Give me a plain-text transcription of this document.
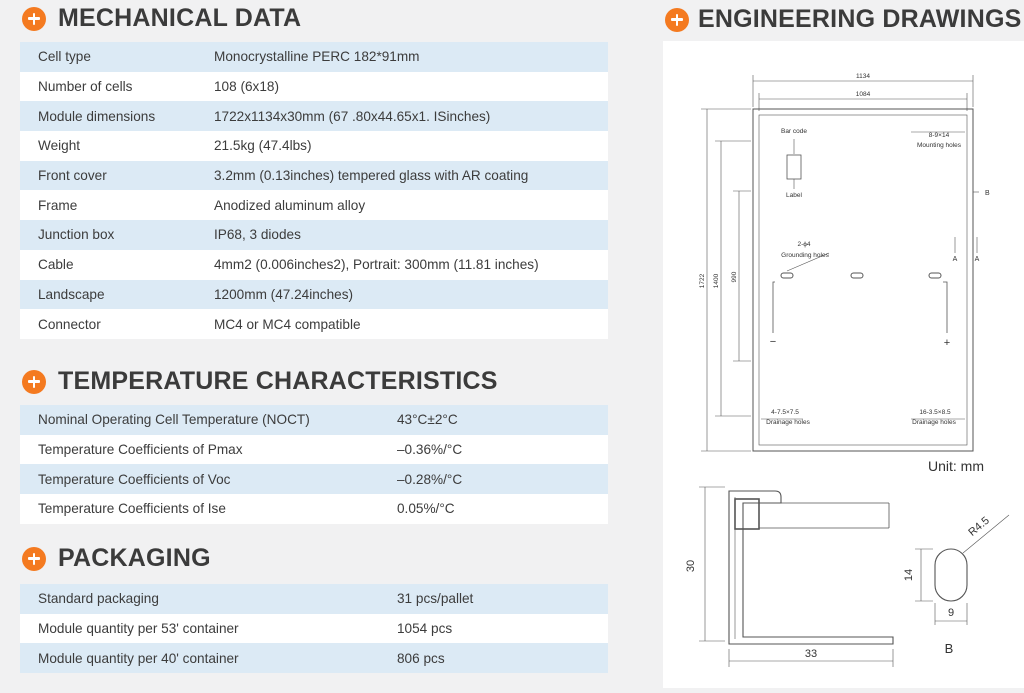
MECHANICAL DATA
Cell type	Monocrystalline PERC 182*91mm
Number of cells	108 (6x18)
Module dimensions	1722x1134x30mm (67 .80x44.65x1. ISinches)
Weight	21.5kg (47.4lbs)
Front cover	3.2mm (0.13inches) tempered glass with AR coating
Frame	Anodized aluminum alloy
Junction box	IP68, 3 diodes
Cable	4mm2 (0.006inches2), Portrait: 300mm (11.81 inches)
Landscape	1200mm (47.24inches)
Connector	MC4 or MC4 compatible
TEMPERATURE CHARACTERISTICS
Nominal Operating Cell Temperature (NOCT)	43°C±2°C
Temperature Coefficients of Pmax	–0.36%/°C
Temperature Coefficients of Voc	–0.28%/°C
Temperature Coefficients of Ise	0.05%/°C
PACKAGING
Standard packaging	31 pcs/pallet
Module quantity per 53' container	1054 pcs
Module quantity per 40' container	806 pcs
ENGINEERING DRAWINGS
1134
1084
1722 1400 990
Bar code
Label
8-9×14
Mounting holes
2-ϕ4
Grounding holes
4-7.5×7.5
Drainage holes
16-3.5×8.5
Drainage holes
A A
B
−	+
Unit: mm
30
33
R4.5
14
9
B
